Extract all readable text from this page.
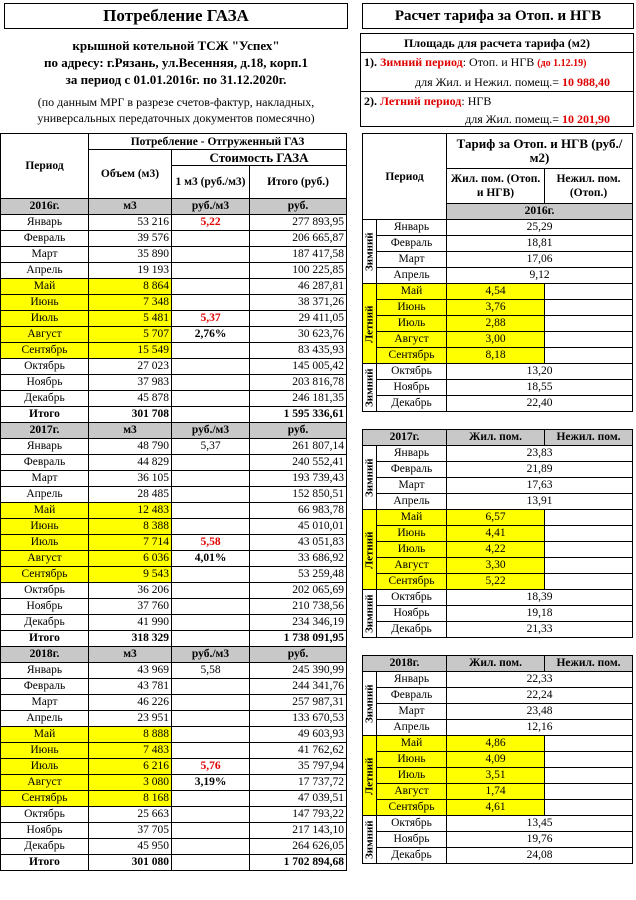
Потребление ГАЗА	Расчет тарифа за Отоп. и НГВ
крышной котельной ТСЖ "Успех"
по адресу: г.Рязань, ул.Весенняя, д.18, корп.1
за период с 01.01.2016г. по 31.12.2020г.
(по данным МРГ в разрезе счетов-фактур, накладных,
универсальных передаточных документов помесячно)
Площадь для расчета тарифа (м2)
1). Зимний период: Отоп. и НГВ (до 1.12.19)
для Жил. и Нежил. помещ.= 10 988,40
2). Летний период: НГВ
для Жил. помещ.= 10 201,90
Период	Потребление - Отгруженный ГАЗ		
	Объем (м3)	Стоимость ГАЗА	
		1 м3 (руб./м3)	Итого (руб.)
2016г.	м3	руб./м3	руб.
Январь	53 216	5,22	277 893,95
Февраль	39 576		206 665,87
Март	35 890		187 417,58
Апрель	19 193		100 225,85
Май	8 864		46 287,81
Июнь	7 348		38 371,26
Июль	5 481	5,37	29 411,05
Август	5 707	2,76%	30 623,76
Сентябрь	15 549		83 435,93
Октябрь	27 023		145 005,42
Ноябрь	37 983		203 816,78
Декабрь	45 878		246 181,35
Итого	301 708		1 595 336,61
2017г.	м3	руб./м3	руб.
Январь	48 790	5,37	261 807,14
Февраль	44 829		240 552,41
Март	36 105		193 739,43
Апрель	28 485		152 850,51
Май	12 483		66 983,78
Июнь	8 388		45 010,01
Июль	7 714	5,58	43 051,83
Август	6 036	4,01%	33 686,92
Сентябрь	9 543		53 259,48
Октябрь	36 206		202 065,69
Ноябрь	37 760		210 738,56
Декабрь	41 990		234 346,19
Итого	318 329		1 738 091,95
2018г.	м3	руб./м3	руб.
Январь	43 969	5,58	245 390,99
Февраль	43 781		244 341,76
Март	46 226		257 987,31
Апрель	23 951		133 670,53
Май	8 888		49 603,93
Июнь	7 483		41 762,62
Июль	6 216	5,76	35 797,94
Август	3 080	3,19%	17 737,72
Сентябрь	8 168		47 039,51
Октябрь	25 663		147 793,22
Ноябрь	37 705		217 143,10
Декабрь	45 950		264 626,05
Итого	301 080		1 702 894,68
Период		Тариф за Отоп. и НГВ (руб./м2)		
		Жил. пом. (Отоп. и НГВ)	Нежил. пом. (Отоп.)	
		2016г.		
Зимний	Январь	25,29		
	Февраль	18,81		
	Март	17,06		
	Апрель	9,12		
Летний	Май	4,54		
	Июнь	3,76		
	Июль	2,88		
	Август	3,00		
	Сентябрь	8,18		
Зимний	Октябрь	13,20		
	Ноябрь	18,55		
	Декабрь	22,40		

2017г.		Жил. пом.	Нежил. пом.	
Зимний	Январь	23,83		
	Февраль	21,89		
	Март	17,63		
	Апрель	13,91		
Летний	Май	6,57		
	Июнь	4,41		
	Июль	4,22		
	Август	3,30		
	Сентябрь	5,22		
Зимний	Октябрь	18,39		
	Ноябрь	19,18		
	Декабрь	21,33		

2018г.		Жил. пом.	Нежил. пом.	
Зимний	Январь	22,33		
	Февраль	22,24		
	Март	23,48		
	Апрель	12,16		
Летний	Май	4,86		
	Июнь	4,09		
	Июль	3,51		
	Август	1,74		
	Сентябрь	4,61		
Зимний	Октябрь	13,45		
	Ноябрь	19,76		
	Декабрь	24,08		
